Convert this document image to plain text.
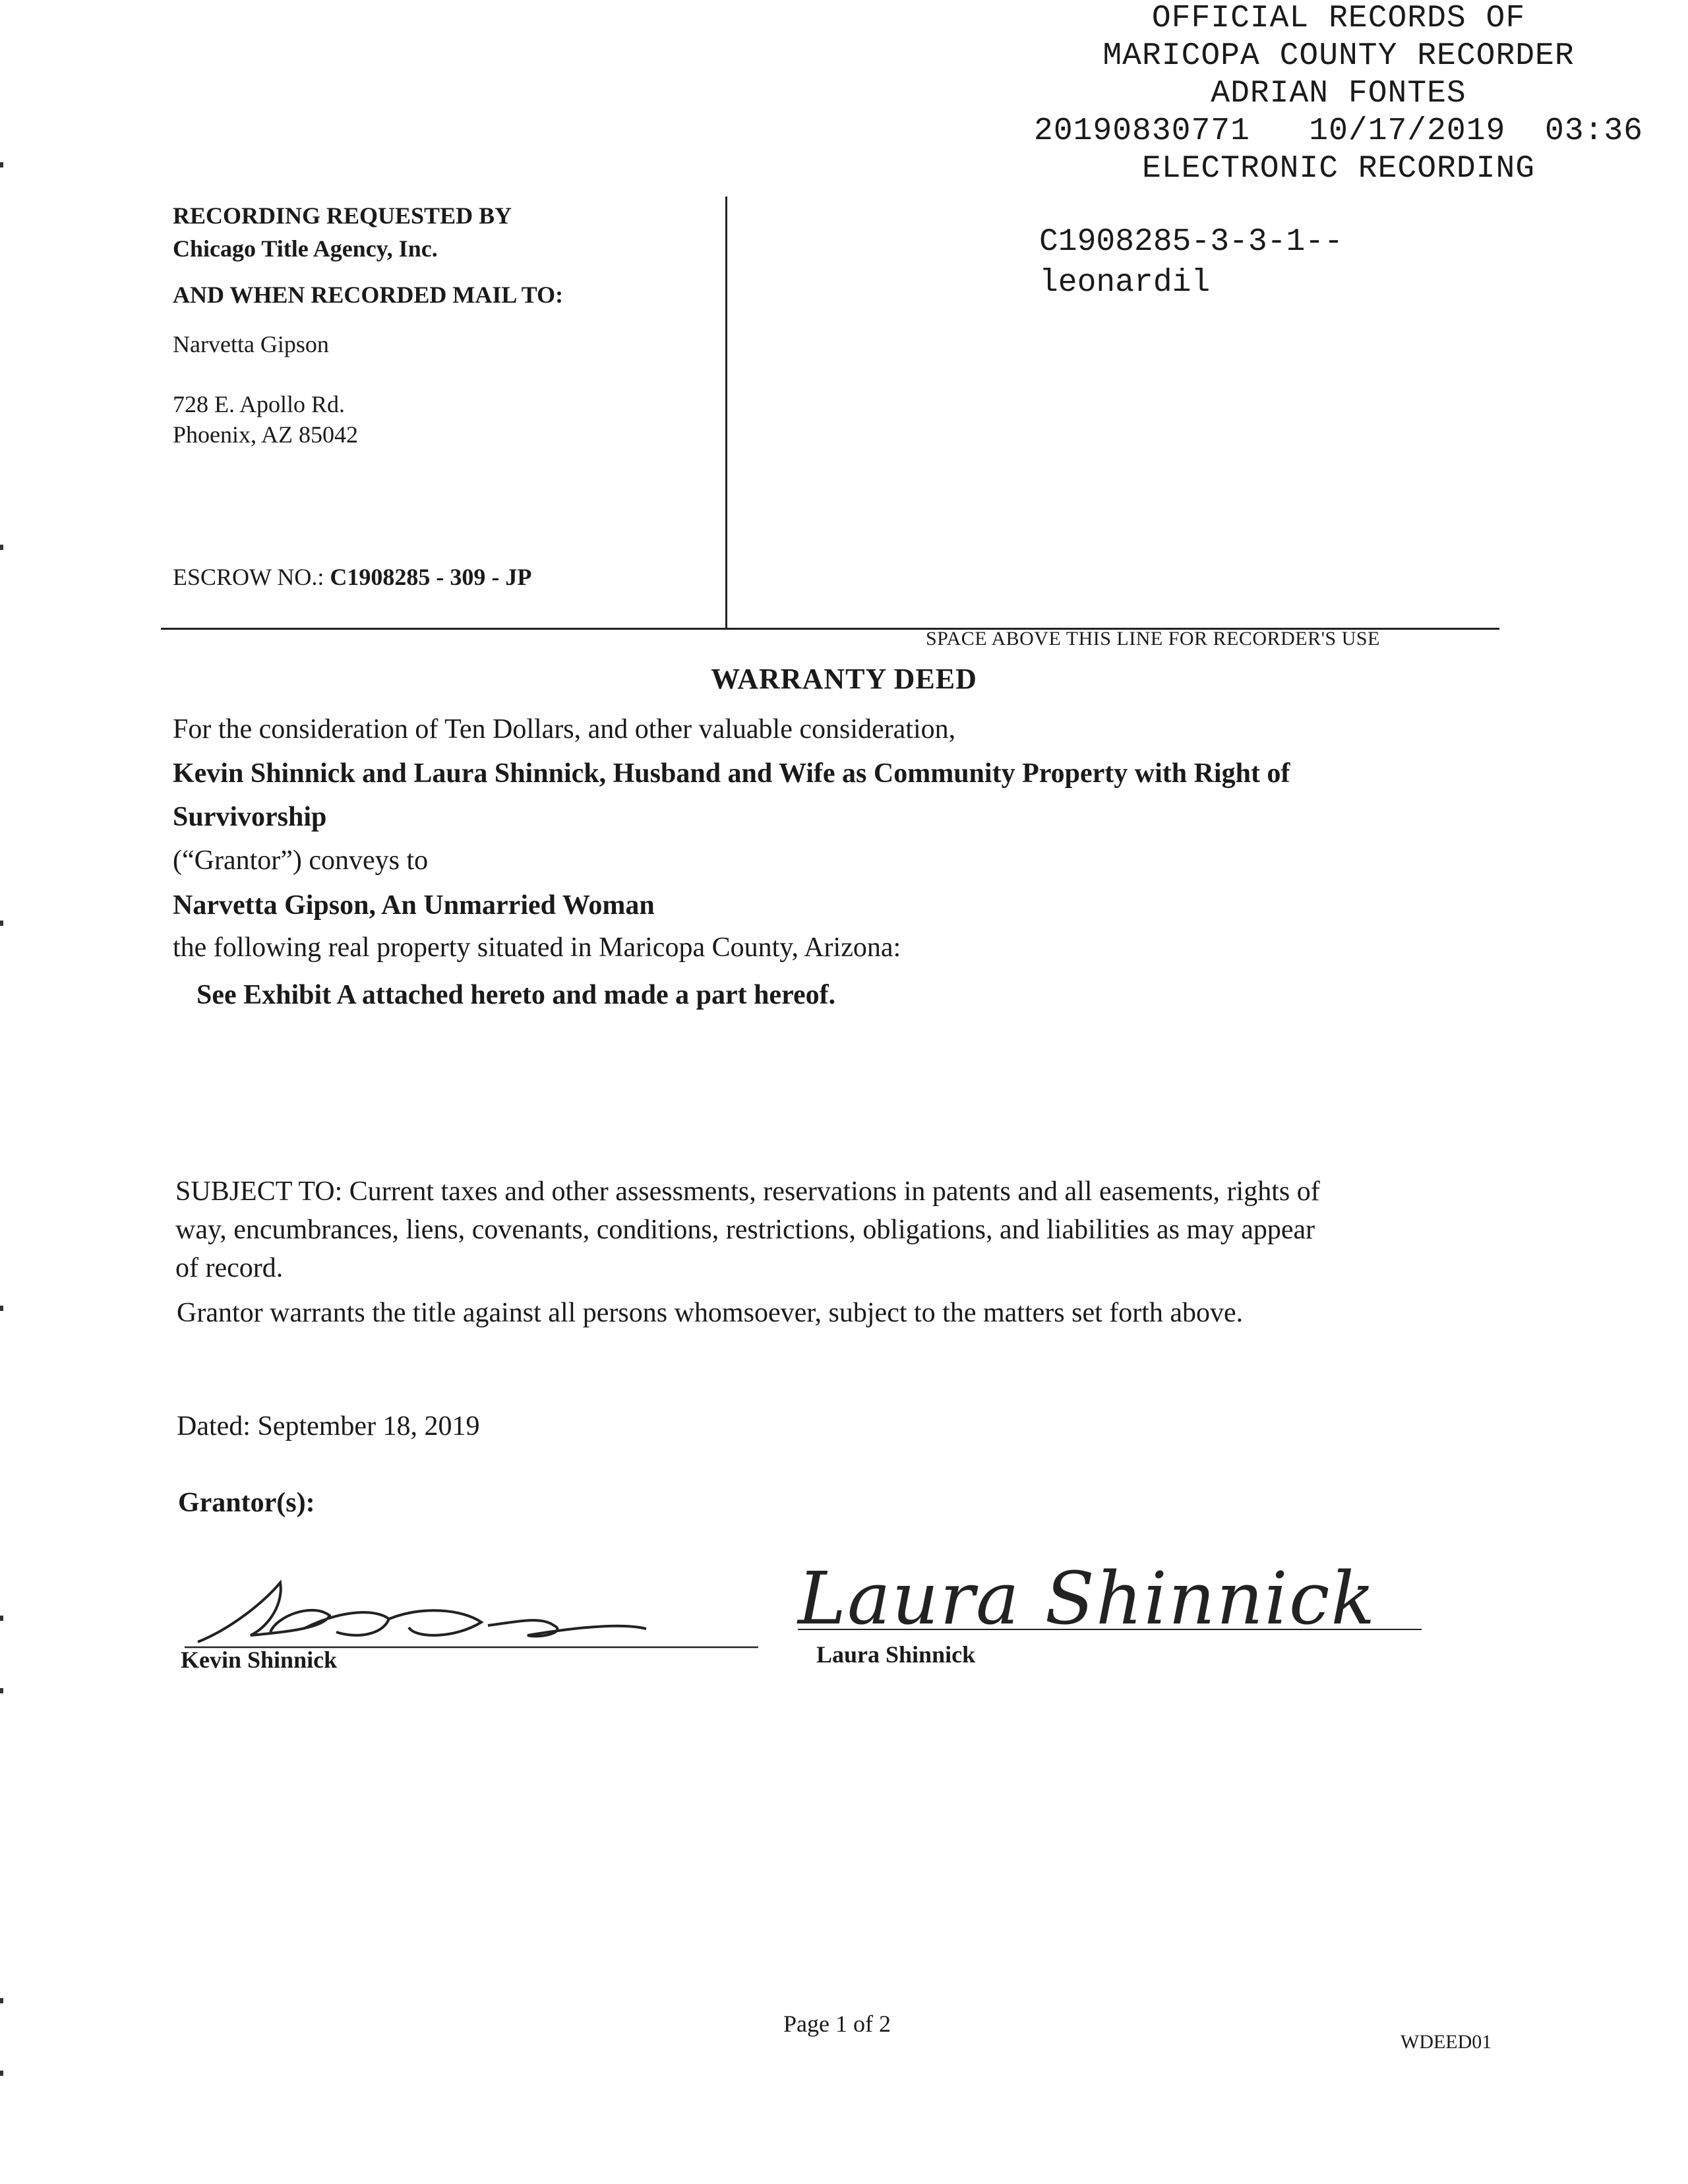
OFFICIAL RECORDS OF
MARICOPA COUNTY RECORDER
ADRIAN FONTES
20190830771   10/17/2019  03:36
ELECTRONIC RECORDING
C1908285-3-3-1--
leonardil
RECORDING REQUESTED BY
Chicago Title Agency, Inc.
AND WHEN RECORDED MAIL TO:
Narvetta Gipson
728 E. Apollo Rd.
Phoenix, AZ 85042
ESCROW NO.: C1908285 - 309 - JP
SPACE ABOVE THIS LINE FOR RECORDER'S USE
WARRANTY DEED
For the consideration of Ten Dollars, and other valuable consideration,
Kevin Shinnick and Laura Shinnick, Husband and Wife as Community Property with Right of
Survivorship
(“Grantor”) conveys to
Narvetta Gipson, An Unmarried Woman
the following real property situated in Maricopa County, Arizona:
See Exhibit A attached hereto and made a part hereof.
SUBJECT TO: Current taxes and other assessments, reservations in patents and all easements, rights of
way, encumbrances, liens, covenants, conditions, restrictions, obligations, and liabilities as may appear
of record.
Grantor warrants the title against all persons whomsoever, subject to the matters set forth above.
Dated: September 18, 2019
Grantor(s):
Kevin Shinnick
Laura Shinnick
Laura Shinnick
Page 1 of 2
WDEED01
